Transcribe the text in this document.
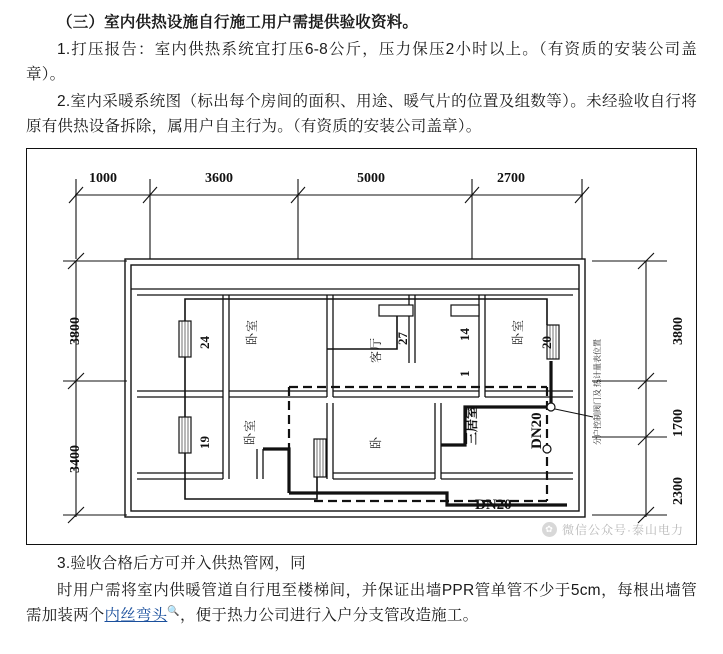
（三）室内供热设施自行施工用户需提供验收资料。

1.打压报告：室内供热系统宜打压6-8公斤，压力保压2小时以上。（有资质的安装公司盖章）。

2.室内采暖系统图（标出每个房间的面积、用途、暖气片的位置及组数等）。未经验收自行将原有供热设备拆除，属用户自主行为。（有资质的安装公司盖章）。

1000	3600	5000	2700
3800
3400
3800
1700
2300
24	卧室	27
客厅
14
1
20
卧室
19	卧室	卧	三居室	DN20
DN20
分户控制阀门及 热计量表位置
✿ 微信公众号·泰山电力

3.验收合格后方可并入供热管网，同

时用户需将室内供暖管道自行甩至楼梯间，并保证出墙PPR管单管不少于5cm，每根出墙管需加装两个内丝弯头🔍，便于热力公司进行入户分支管改造施工。
